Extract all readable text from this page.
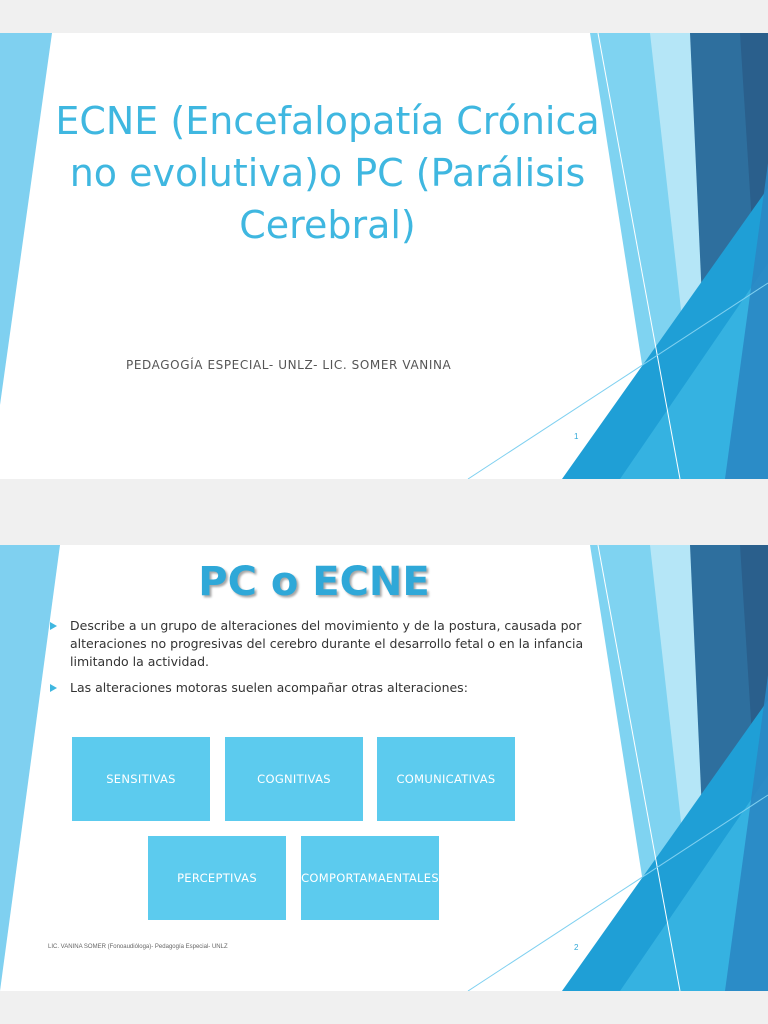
ECNE (Encefalopatía Crónica no evolutiva)o PC (Parálisis Cerebral)
PEDAGOGÍA ESPECIAL- UNLZ- LIC. SOMER VANINA
1
PC o ECNE
Describe a un grupo de alteraciones del movimiento y de la postura, causada por alteraciones no progresivas del cerebro durante el desarrollo fetal o en la infancia limitando la actividad.
Las alteraciones motoras suelen acompañar otras alteraciones:
SENSITIVAS	COGNITIVAS	COMUNICATIVAS
PERCEPTIVAS	COMPORTAMAENTALES
LIC. VANINA SOMER (Fonoaudióloga)- Pedagogía Especial- UNLZ	2
